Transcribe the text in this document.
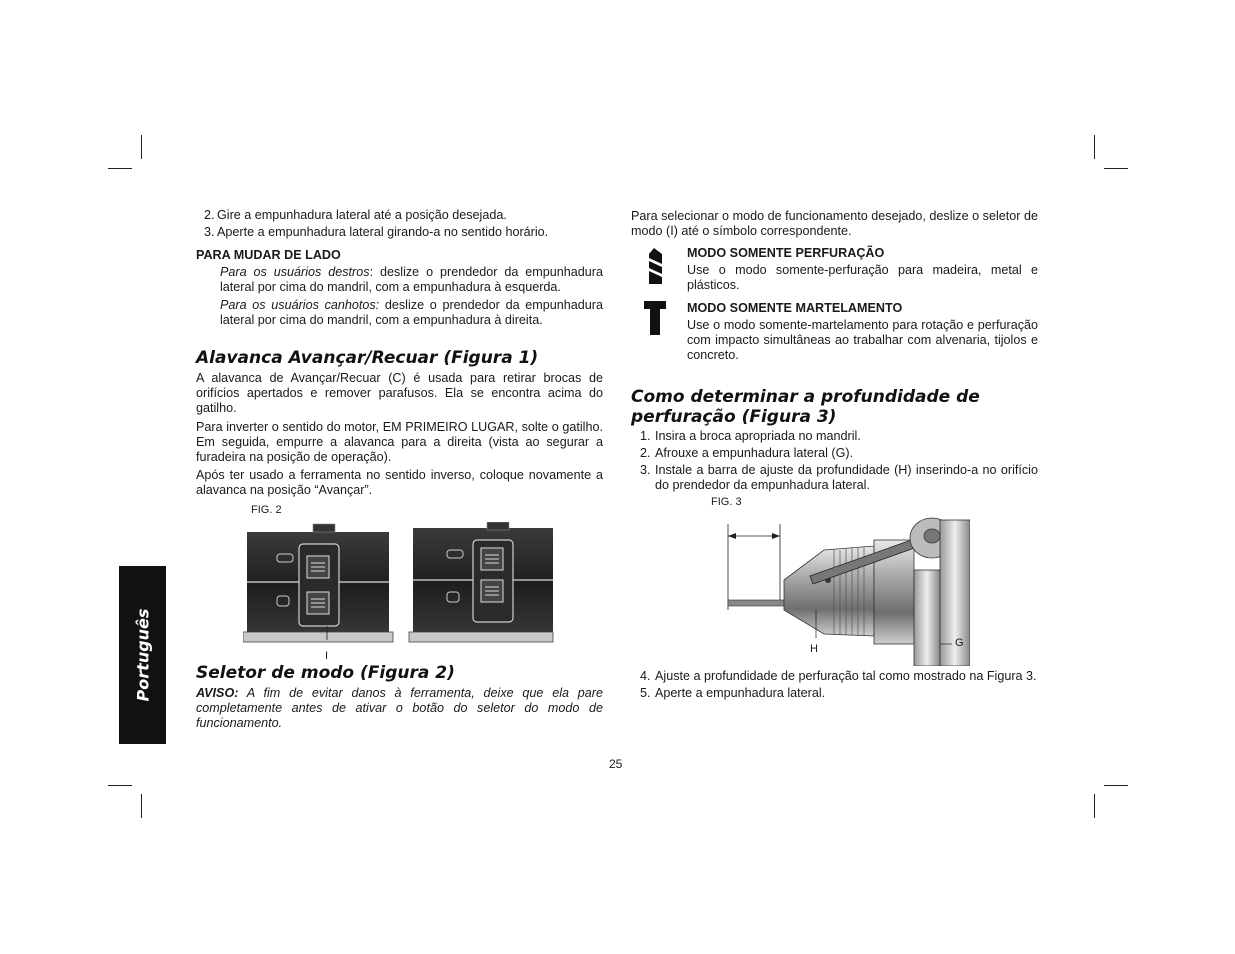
Português
2. Gire a empunhadura lateral até a posição desejada.
3. Aperte a empunhadura lateral girando-a no sentido horário.
PARA MUDAR DE LADO
Para os usuários destros: deslize o prendedor da empunhadura lateral por cima do mandril, com a empunhadura à esquerda.
Para os usuários canhotos: deslize o prendedor da empunhadura lateral por cima do mandril, com a empunhadura à direita.
Alavanca Avançar/Recuar (Figura 1)
A alavanca de Avançar/Recuar (C) é usada para retirar brocas de orifícios apertados e remover parafusos. Ela se encontra acima do gatilho.
Para inverter o sentido do motor, EM PRIMEIRO LUGAR, solte o gatilho. Em seguida, empurre a alavanca para a direita (vista ao segurar a furadeira na posição de operação).
Após ter usado a ferramenta no sentido inverso, coloque novamente a alavanca na posição “Avançar”.
FIG. 2
I
Seletor de modo (Figura 2)
AVISO: A fim de evitar danos à ferramenta, deixe que ela pare completamente antes de ativar o botão do seletor do modo de funcionamento.
Para selecionar o modo de funcionamento desejado, deslize o seletor de modo (I) até o símbolo correspondente.
MODO SOMENTE PERFURAÇÃO
Use o modo somente-perfuração para madeira, metal e plásticos.
MODO SOMENTE MARTELAMENTO
Use o modo somente-martelamento para rotação e perfuração com impacto simultâneas ao trabalhar com alvenaria, tijolos e concreto.
Como determinar a profundidade de
perfuração (Figura 3)
1. Insira a broca apropriada no mandril.
2. Afrouxe a empunhadura lateral (G).
3. Instale a barra de ajuste da profundidade (H) inserindo-a no orifício do prendedor da empunhadura lateral.
FIG. 3
H	G
4. Ajuste a profundidade de perfuração tal como mostrado na Figura 3.
5. Aperte a empunhadura lateral.
25
